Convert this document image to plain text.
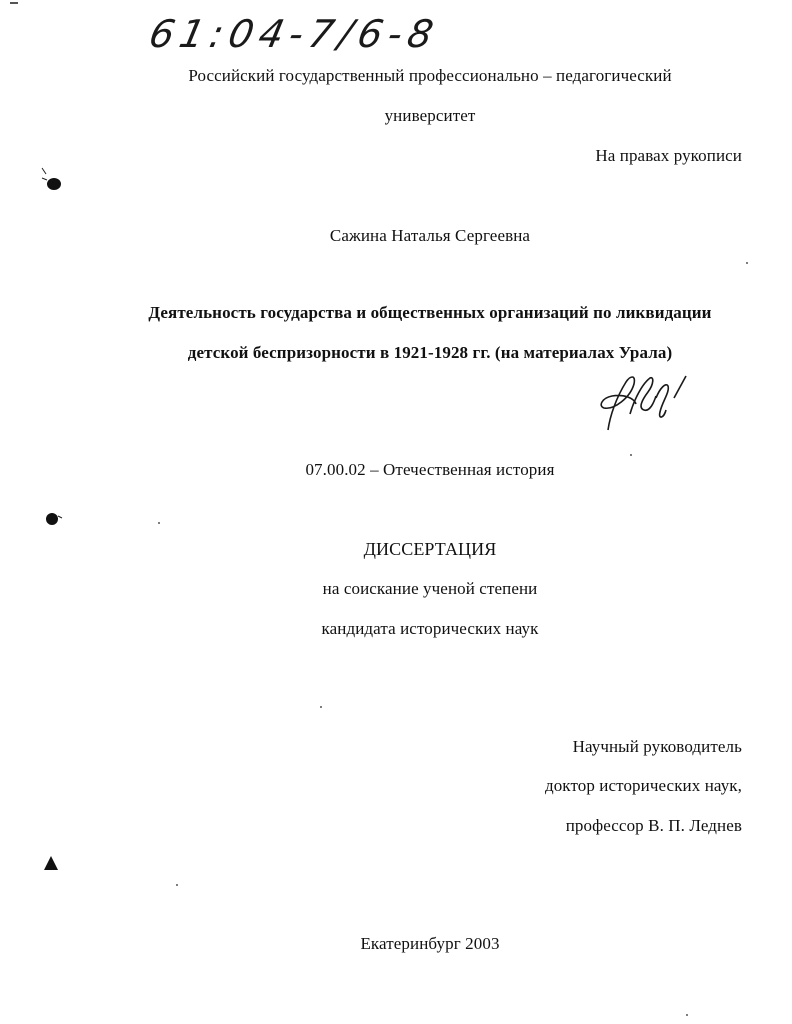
61:04-7/6-8
Российский государственный профессионально – педагогический
университет
На правах рукописи
Сажина Наталья Сергеевна
Деятельность государства и общественных организаций по ликвидации
детской беспризорности в 1921-1928 гг. (на материалах Урала)
07.00.02 – Отечественная история
ДИССЕРТАЦИЯ
на соискание ученой степени
кандидата исторических наук
Научный руководитель
доктор исторических наук,
профессор В. П. Леднев
Екатеринбург 2003
